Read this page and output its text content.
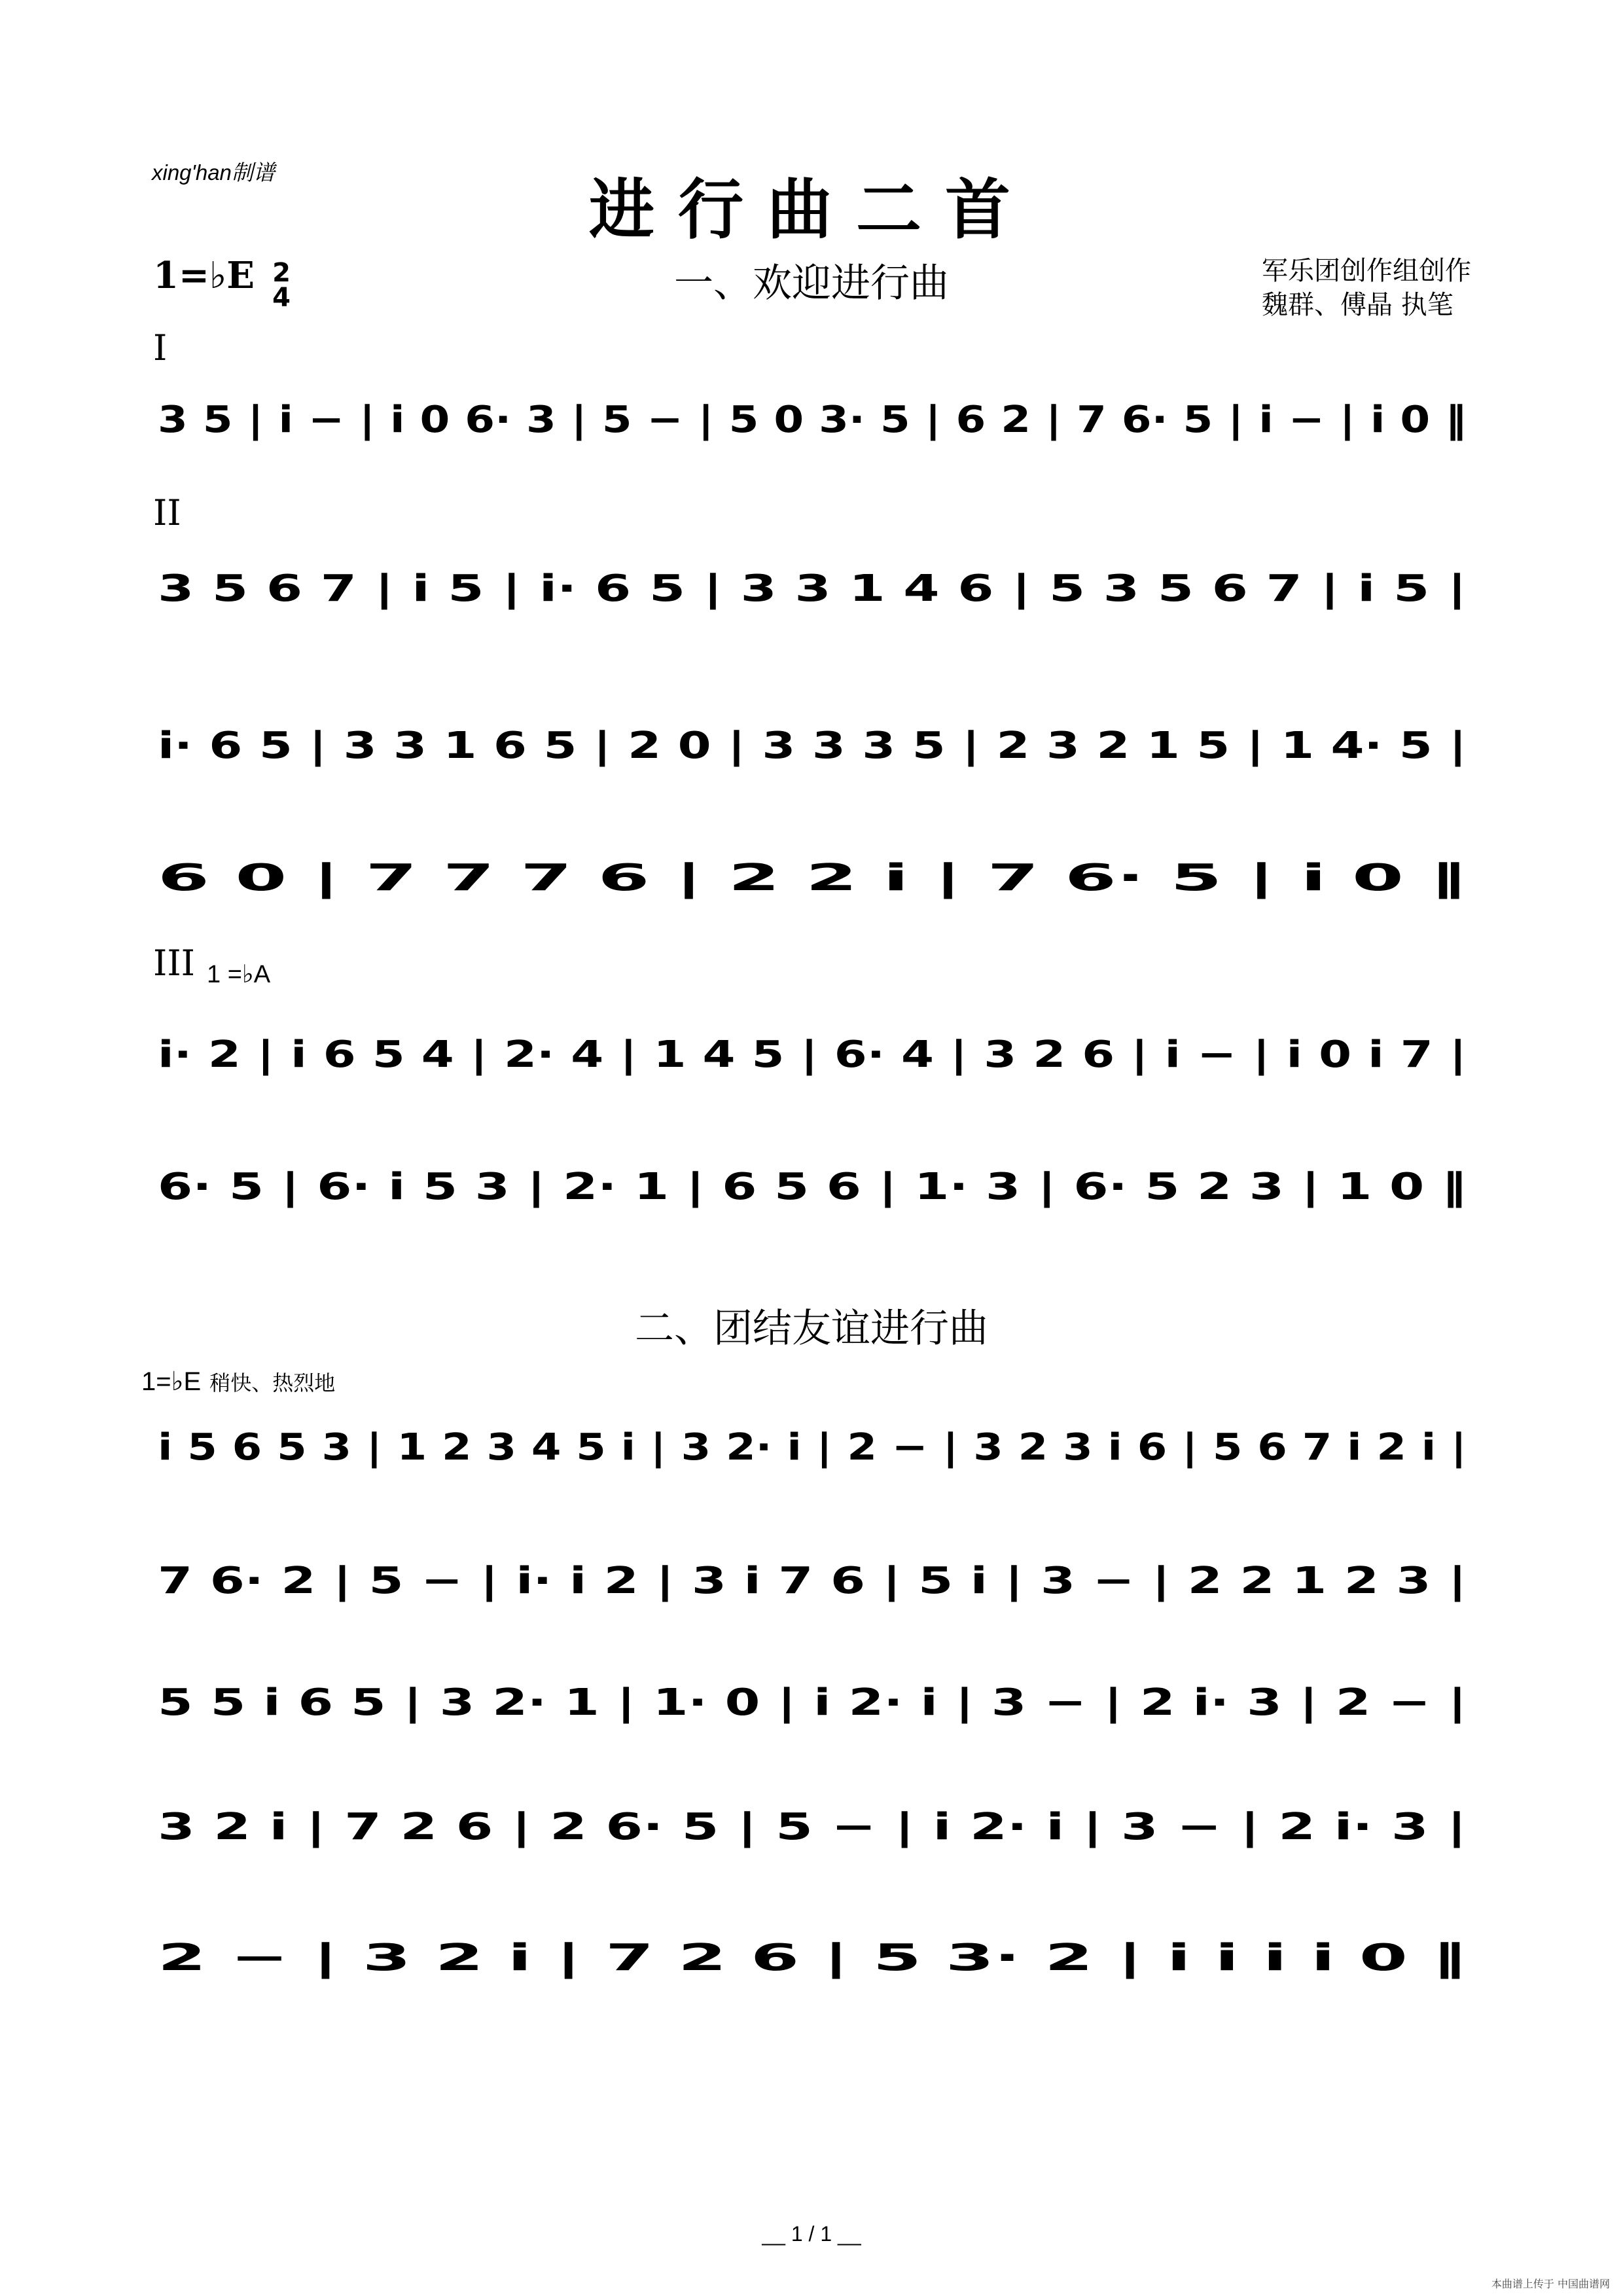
xing'han制谱	进行曲二首
1=♭E 2
4	一、欢迎进行曲	军乐团创作组创作
魏群、傅晶 执笔
I
II
III 1 =♭A
3 5 | i − | i 0 6· 3 | 5 − | 5 0 3· 5 | 6 2 | 7 6· 5 | i − | i 0 ‖
3 5 6 7 | i 5 | i· 6 5 | 3 3 1 4 6 | 5 3 5 6 7 | i 5 |
i· 6 5 | 3 3 1 6 5 | 2 0 | 3 3 3 5 | 2 3 2 1 5 | 1 4· 5 |
6 0 | 7 7 7 6 | 2 2 i | 7 6· 5 | i 0 ‖
i· 2 | i 6 5 4 | 2· 4 | 1 4 5 | 6· 4 | 3 2 6 | i − | i 0 i 7 |
6· 5 | 6· i 5 3 | 2· 1 | 6 5 6 | 1· 3 | 6· 5 2 3 | 1 0 ‖
二、团结友谊进行曲
1=♭E 稍快、热烈地
i 5 6 5 3 | 1 2 3 4 5 i | 3 2· i | 2 − | 3 2 3 i 6 | 5 6 7 i 2 i |
7 6· 2 | 5 − | i· i 2 | 3 i 7 6 | 5 i | 3 − | 2 2 1 2 3 |
5 5 i 6 5 | 3 2· 1 | 1· 0 | i 2· i | 3 − | 2 i· 3 | 2 − |
3 2 i | 7 2 6 | 2 6· 5 | 5 − | i 2· i | 3 − | 2 i· 3 |
2 − | 3 2 i | 7 2 6 | 5 3· 2 | i i i i 0 ‖
__ 1 / 1 __
本曲谱上传于 中国曲谱网
